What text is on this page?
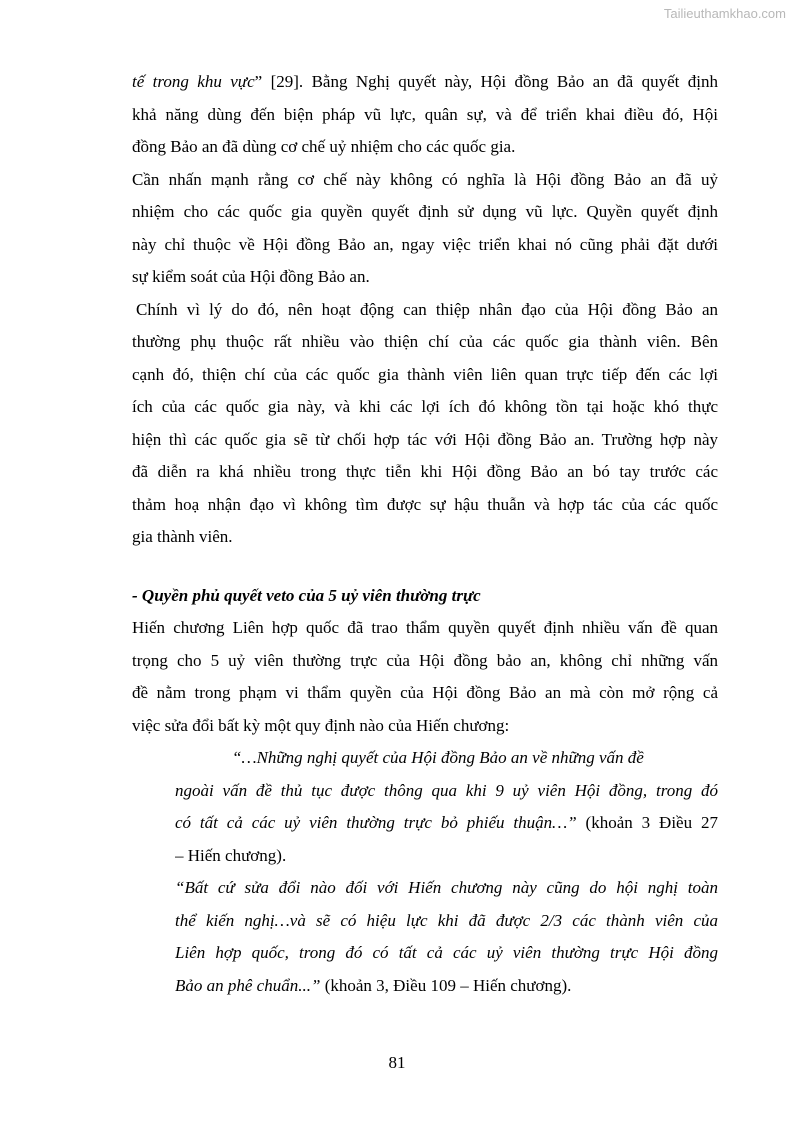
Tailieuthamkhao.com
tế trong khu vực” [29]. Bằng Nghị quyết này, Hội đồng Bảo an đã quyết định
khả năng dùng đến biện pháp vũ lực, quân sự, và để triển khai điều đó, Hội
đồng Bảo an đã dùng cơ chế uỷ nhiệm cho các quốc gia.
Cần nhấn mạnh rằng cơ chế này không có nghĩa là Hội đồng Bảo an đã uỷ
nhiệm cho các quốc gia quyền quyết định sử dụng vũ lực. Quyền quyết định
này chỉ thuộc về Hội đồng Bảo an, ngay việc triển khai nó cũng phải đặt dưới
sự kiểm soát của Hội đồng Bảo an.
Chính vì lý do đó, nên hoạt động can thiệp nhân đạo của Hội đồng Bảo an
thường phụ thuộc rất nhiều vào thiện chí của các quốc gia thành viên. Bên
cạnh đó, thiện chí của các quốc gia thành viên liên quan trực tiếp đến các lợi
ích của các quốc gia này, và khi các lợi ích đó không tồn tại hoặc khó thực
hiện thì các quốc gia sẽ từ chối hợp tác với Hội đồng Bảo an. Trường hợp này
đã diễn ra khá nhiều trong thực tiễn khi Hội đồng Bảo an bó tay trước các
thảm hoạ nhận đạo vì không tìm được sự hậu thuẫn và hợp tác của các quốc
gia thành viên.
- Quyền phủ quyết veto của 5 uỷ viên thường trực
Hiến chương Liên hợp quốc đã trao thẩm quyền quyết định nhiều vấn đề quan
trọng cho 5 uỷ viên thường trực của Hội đồng bảo an, không chỉ những vấn
đề nằm trong phạm vi thẩm quyền của Hội đồng Bảo an mà còn mở rộng cả
việc sửa đổi bất kỳ một quy định nào của Hiến chương:
“…Những nghị quyết của Hội đồng Bảo an về những vấn đề
ngoài vấn đề thủ tục được thông qua khi 9 uỷ viên Hội đồng, trong đó
có tất cả các uỷ viên thường trực bỏ phiếu thuận…” (khoản 3 Điều 27
– Hiến chương).
“Bất cứ sửa đổi nào đối với Hiến chương này cũng do hội nghị toàn
thể kiến nghị…và sẽ có hiệu lực khi đã được 2/3 các thành viên của
Liên hợp quốc, trong đó có tất cả các uỷ viên thường trực Hội đồng
Bảo an phê chuẩn...” (khoản 3, Điều 109 – Hiến chương).
81
